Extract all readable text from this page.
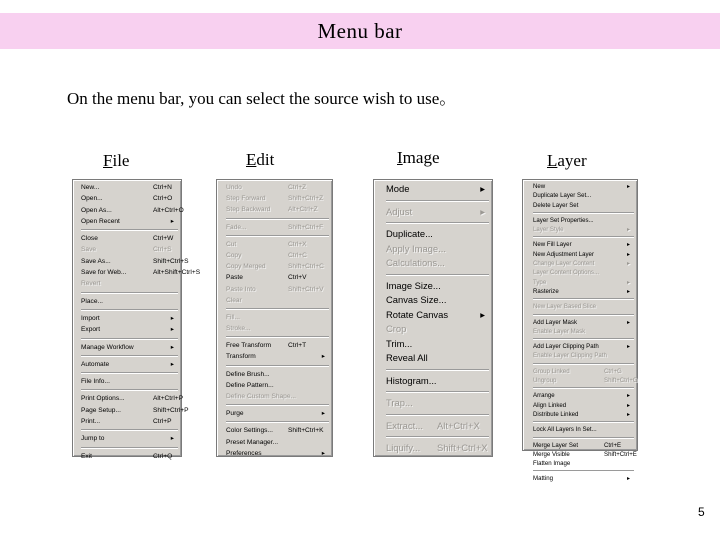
Menu bar
On the menu bar, you can select the source wish to use。
File	Edit	Image	Layer
New...	Ctrl+N
Open...	Ctrl+O
Open As...	Alt+Ctrl+O
Open Recent	▸
Close	Ctrl+W
Save	Ctrl+S
Save As...	Shift+Ctrl+S
Save for Web...	Alt+Shift+Ctrl+S
Revert
Place...
Import	▸
Export	▸
Manage Workflow	▸
Automate	▸
File Info...
Print Options...	Alt+Ctrl+P
Page Setup...	Shift+Ctrl+P
Print...	Ctrl+P
Jump to	▸
Exit	Ctrl+Q
Undo	Ctrl+Z
Step Forward	Shift+Ctrl+Z
Step Backward	Alt+Ctrl+Z
Fade...	Shift+Ctrl+F
Cut	Ctrl+X
Copy	Ctrl+C
Copy Merged	Shift+Ctrl+C
Paste	Ctrl+V
Paste Into	Shift+Ctrl+V
Clear
Fill...
Stroke...
Free Transform	Ctrl+T
Transform	▸
Define Brush...
Define Pattern...
Define Custom Shape...
Purge	▸
Color Settings... Shift+Ctrl+K
Preset Manager...
Preferences	▸
Mode	▸
Adjust	▸
Duplicate...
Apply Image...
Calculations...
Image Size...
Canvas Size...
Rotate Canvas	▸
Crop
Trim...
Reveal All
Histogram...
Trap...
Extract... Alt+Ctrl+X
Liquify... Shift+Ctrl+X
New	▸
Duplicate Layer Set...
Delete Layer Set
Layer Set Properties...
Layer Style	▸
New Fill Layer	▸
New Adjustment Layer	▸
Change Layer Content	▸
Layer Content Options...
Type	▸
Rasterize	▸
New Layer Based Slice
Add Layer Mask	▸
Enable Layer Mask
Add Layer Clipping Path	▸
Enable Layer Clipping Path
Group Linked	Ctrl+G
Ungroup	Shift+Ctrl+G
Arrange	▸
Align Linked	▸
Distribute Linked	▸
Lock All Layers In Set...
Merge Layer Set	Ctrl+E
Merge Visible	Shift+Ctrl+E
Flatten Image
Matting	▸
5
